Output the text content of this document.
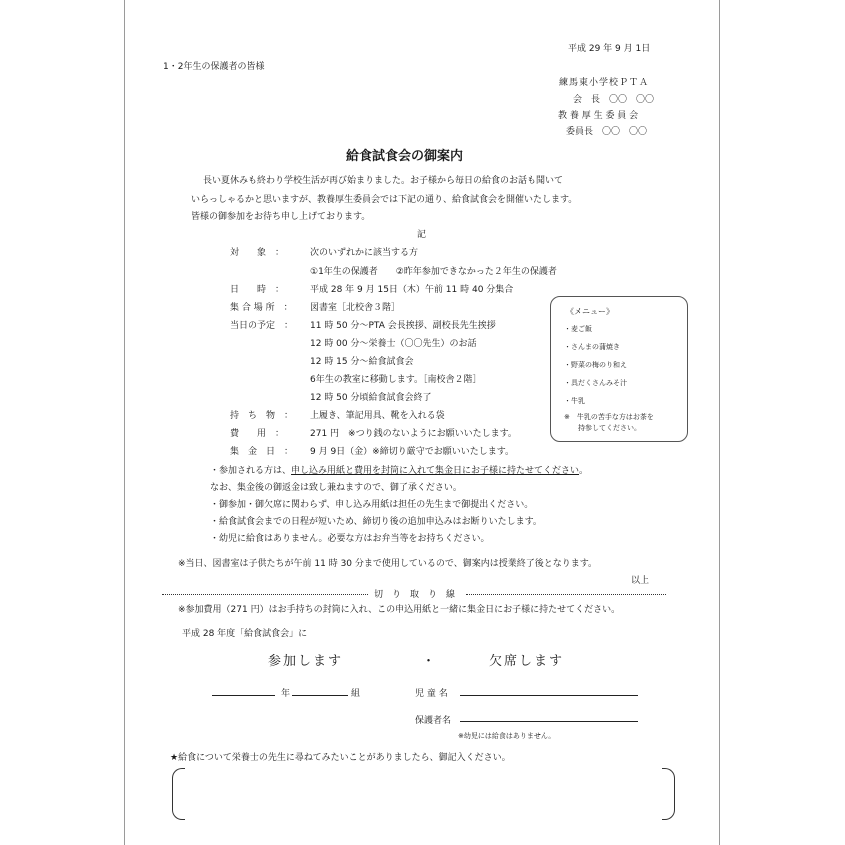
平成 29 年 9 月 1日
1・2年生の保護者の皆様
練馬東小学校ＰＴＡ
会　長　〇〇　〇〇
教 養 厚 生 委 員 会
委員長　〇〇　〇〇
給食試食会の御案内
長い夏休みも終わり学校生活が再び始まりました。お子様から毎日の給食のお話も聞いて
いらっしゃるかと思いますが、教養厚生委員会では下記の通り、給食試食会を開催いたします。
皆様の御参加をお待ち申し上げております。
記
対　　象　：	次のいずれかに該当する方
①1年生の保護者　　②昨年参加できなかった２年生の保護者
日　　時　：	平成 28 年 9 月 15日（木）午前 11 時 40 分集合
集 合 場 所　： 図書室［北校舎３階］
当日の予定　： 11 時 50 分～PTA 会長挨拶、副校長先生挨拶
12 時 00 分～栄養士（〇〇先生）のお話
12 時 15 分～給食試食会
6年生の教室に移動します。［南校舎２階］
12 時 50 分頃給食試食会終了
持　ち　物　： 上履き、筆記用具、靴を入れる袋
費　　用　：	271 円　※つり銭のないようにお願いいたします。
集　金　日　： 9 月 9日（金）※締切り厳守でお願いいたします。
《メニュー》
・麦ご飯
・さんまの蒲焼き
・野菜の梅のり和え
・具だくさんみそ汁
・牛乳
※　牛乳の苦手な方はお茶を
持参してください。
・参加される方は、申し込み用紙と費用を封筒に入れて集金日にお子様に持たせてください。
なお、集金後の御返金は致し兼ねますので、御了承ください。
・御参加・御欠席に関わらず、申し込み用紙は担任の先生まで御提出ください。
・給食試食会までの日程が短いため、締切り後の追加申込みはお断りいたします。
・幼児に給食はありません。必要な方はお弁当等をお持ちください。
※当日、図書室は子供たちが午前 11 時 30 分まで使用しているので、御案内は授業終了後となります。
以上
切　り　取　り　線
※参加費用（271 円）はお手持ちの封筒に入れ、この申込用紙と一緒に集金日にお子様に持たせてください。
平成 28 年度「給食試食会」に
参加します	・	欠席します
年	組	児 童 名
保護者名
※幼児には給食はありません。
★給食について栄養士の先生に尋ねてみたいことがありましたら、御記入ください。
